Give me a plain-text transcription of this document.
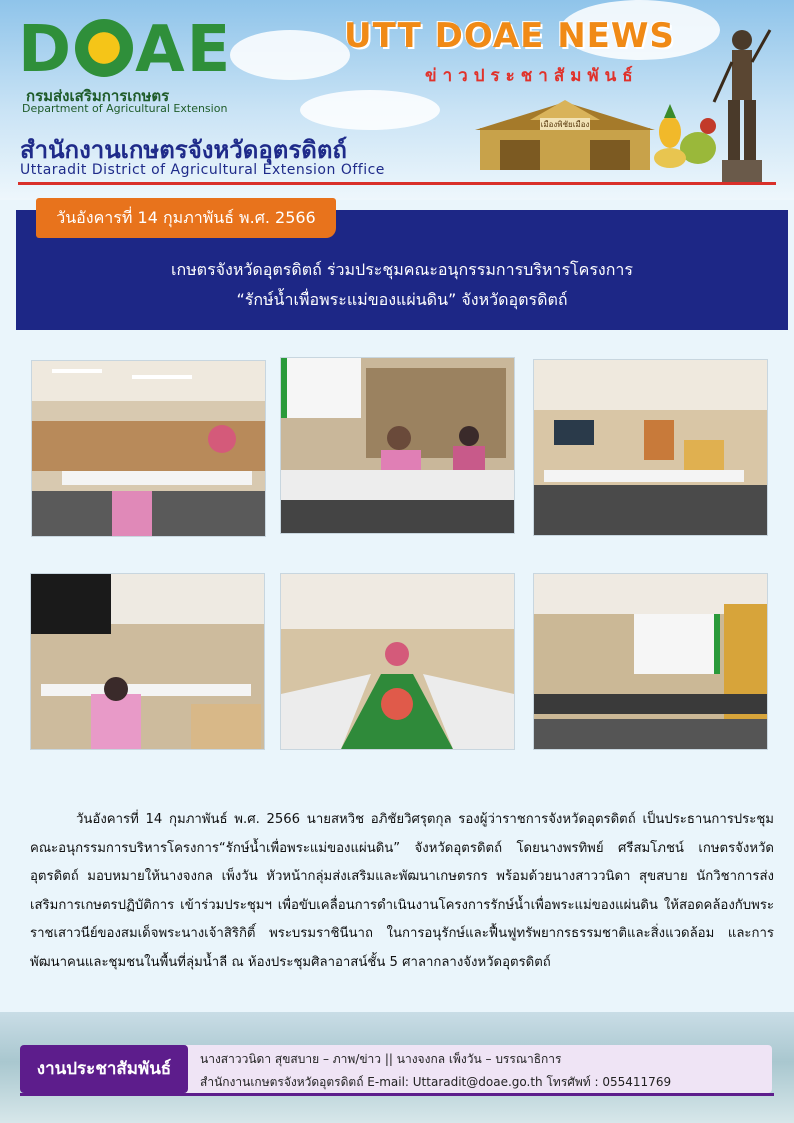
D AE
กรมส่งเสริมการเกษตร
Department of Agricultural Extension
UTT DOAE NEWS
ข่าวประชาสัมพันธ์
เมืองพิชัยเมือง
สำนักงานเกษตรจังหวัดอุตรดิตถ์
Uttaradit District of Agricultural Extension Office
วันอังคารที่ 14 กุมภาพันธ์ พ.ศ. 2566
เกษตรจังหวัดอุตรดิตถ์ ร่วมประชุมคณะอนุกรรมการบริหารโครงการ
“รักษ์น้ำเพื่อพระแม่ของแผ่นดิน” จังหวัดอุตรดิตถ์

วันอังคารที่ 14 กุมภาพันธ์ พ.ศ. 2566 นายสหวิช อภิชัยวิศรุตกุล รองผู้ว่าราชการจังหวัดอุตรดิตถ์ เป็นประธานการประชุมคณะอนุกรรมการบริหารโครงการ“รักษ์น้ำเพื่อพระแม่ของแผ่นดิน” จังหวัดอุตรดิตถ์ โดยนางพรทิพย์ ศรีสมโภชน์ เกษตรจังหวัดอุตรดิตถ์ มอบหมายให้นางจงกล เพ็งวัน หัวหน้ากลุ่มส่งเสริมและพัฒนาเกษตรกร พร้อมด้วยนางสาววนิดา สุขสบาย นักวิชาการส่งเสริมการเกษตรปฏิบัติการ เข้าร่วมประชุมฯ เพื่อขับเคลื่อนการดำเนินงานโครงการรักษ์น้ำเพื่อพระแม่ของแผ่นดิน ให้สอดคล้องกับพระราชเสาวนีย์ของสมเด็จพระนางเจ้าสิริกิติ์ พระบรมราชินีนาถ ในการอนุรักษ์และฟื้นฟูทรัพยากรธรรมชาติและสิ่งแวดล้อม และการพัฒนาคนและชุมชนในพื้นที่ลุ่มน้ำลี ณ ห้องประชุมศิลาอาสน์ชั้น 5 ศาลากลางจังหวัดอุตรดิตถ์

งานประชาสัมพันธ์	นางสาววนิดา สุขสบาย – ภาพ/ข่าว || นางจงกล เพ็งวัน – บรรณาธิการ
สำนักงานเกษตรจังหวัดอุตรดิตถ์ E-mail: Uttaradit@doae.go.th โทรศัพท์ : 055411769
